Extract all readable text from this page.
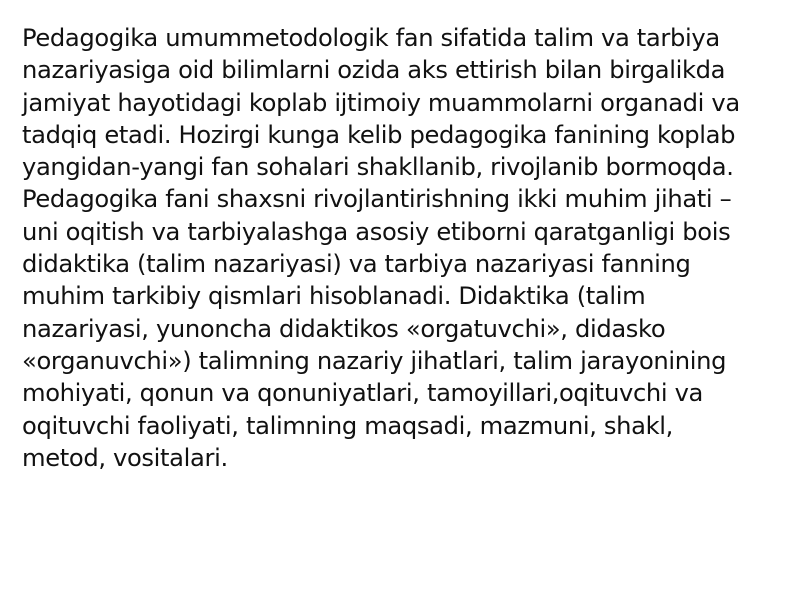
Pedagogika umummetodologik fan sifatida talim va tarbiya
nazariyasiga oid bilimlarni ozida aks ettirish bilan birgalikda
jamiyat hayotidagi koplab ijtimoiy muammolarni organadi va
tadqiq etadi. Hozirgi kunga kelib pedagogika fanining koplab
yangidan-yangi fan sohalari shakllanib, rivojlanib bormoqda.
Pedagogika fani shaxsni rivojlantirishning ikki muhim jihati –
uni oqitish va tarbiyalashga asosiy etiborni qaratganligi bois
didaktika (talim nazariyasi) va tarbiya nazariyasi fanning
muhim tarkibiy qismlari hisoblanadi. Didaktika (talim
nazariyasi, yunoncha didaktikos «orgatuvchi», didasko
«organuvchi») talimning nazariy jihatlari, talim jarayonining
mohiyati, qonun va qonuniyatlari, tamoyillari,oqituvchi va
oqituvchi faoliyati, talimning maqsadi, mazmuni, shakl,
metod, vositalari.
